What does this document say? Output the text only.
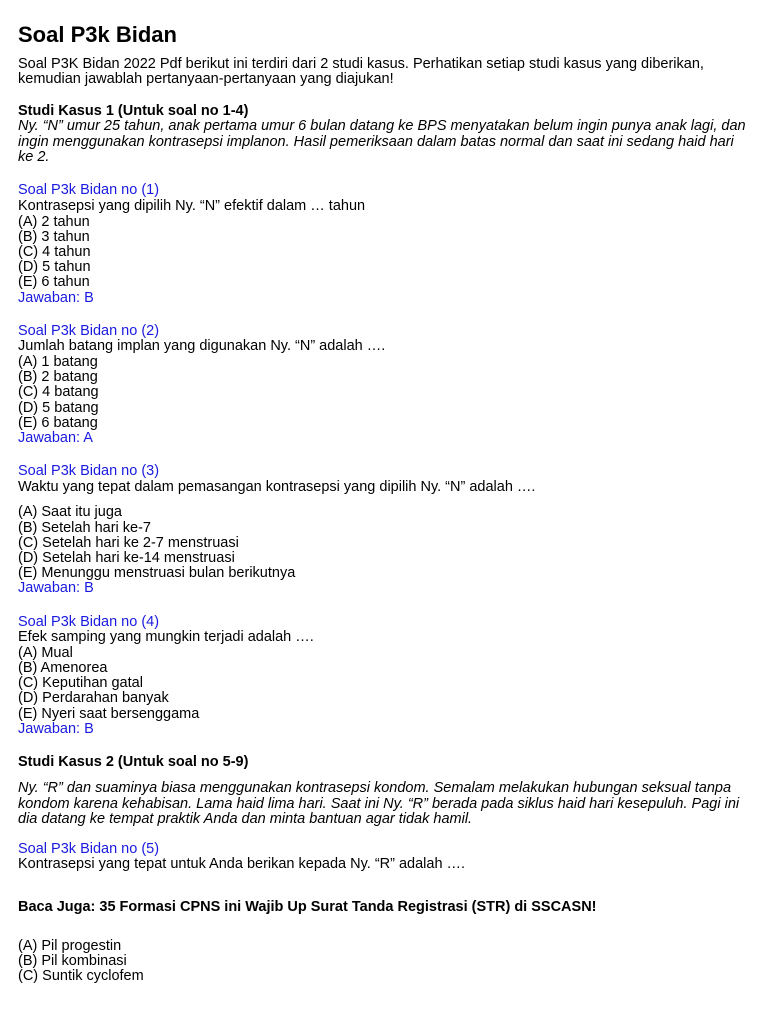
Soal P3k Bidan
Soal P3K Bidan 2022 Pdf berikut ini terdiri dari 2 studi kasus. Perhatikan setiap studi kasus yang diberikan, kemudian jawablah pertanyaan-pertanyaan yang diajukan!
Studi Kasus 1 (Untuk soal no 1-4)
Ny. “N” umur 25 tahun, anak pertama umur 6 bulan datang ke BPS menyatakan belum ingin punya anak lagi, dan ingin menggunakan kontrasepsi implanon. Hasil pemeriksaan dalam batas normal dan saat ini sedang haid hari ke 2.
Soal P3k Bidan no (1)
Kontrasepsi yang dipilih Ny. “N” efektif dalam … tahun
(A) 2 tahun
(B) 3 tahun
(C) 4 tahun
(D) 5 tahun
(E) 6 tahun
Jawaban: B
Soal P3k Bidan no (2)
Jumlah batang implan yang digunakan Ny. “N” adalah ….
(A) 1 batang
(B) 2 batang
(C) 4 batang
(D) 5 batang
(E) 6 batang
Jawaban: A
Soal P3k Bidan no (3)
Waktu yang tepat dalam pemasangan kontrasepsi yang dipilih Ny. “N” adalah ….
(A) Saat itu juga
(B) Setelah hari ke-7
(C) Setelah hari ke 2-7 menstruasi
(D) Setelah hari ke-14 menstruasi
(E) Menunggu menstruasi bulan berikutnya
Jawaban: B
Soal P3k Bidan no (4)
Efek samping yang mungkin terjadi adalah ….
(A) Mual
(B) Amenorea
(C) Keputihan gatal
(D) Perdarahan banyak
(E) Nyeri saat bersenggama
Jawaban: B
Studi Kasus 2 (Untuk soal no 5-9)
Ny. “R” dan suaminya biasa menggunakan kontrasepsi kondom. Semalam melakukan hubungan seksual tanpa kondom karena kehabisan. Lama haid lima hari. Saat ini Ny. “R” berada pada siklus haid hari kesepuluh. Pagi ini dia datang ke tempat praktik Anda dan minta bantuan agar tidak hamil.
Soal P3k Bidan no (5)
Kontrasepsi yang tepat untuk Anda berikan kepada Ny. “R” adalah ….
Baca Juga: 35 Formasi CPNS ini Wajib Up Surat Tanda Registrasi (STR) di SSCASN!
(A) Pil progestin
(B) Pil kombinasi
(C) Suntik cyclofem
